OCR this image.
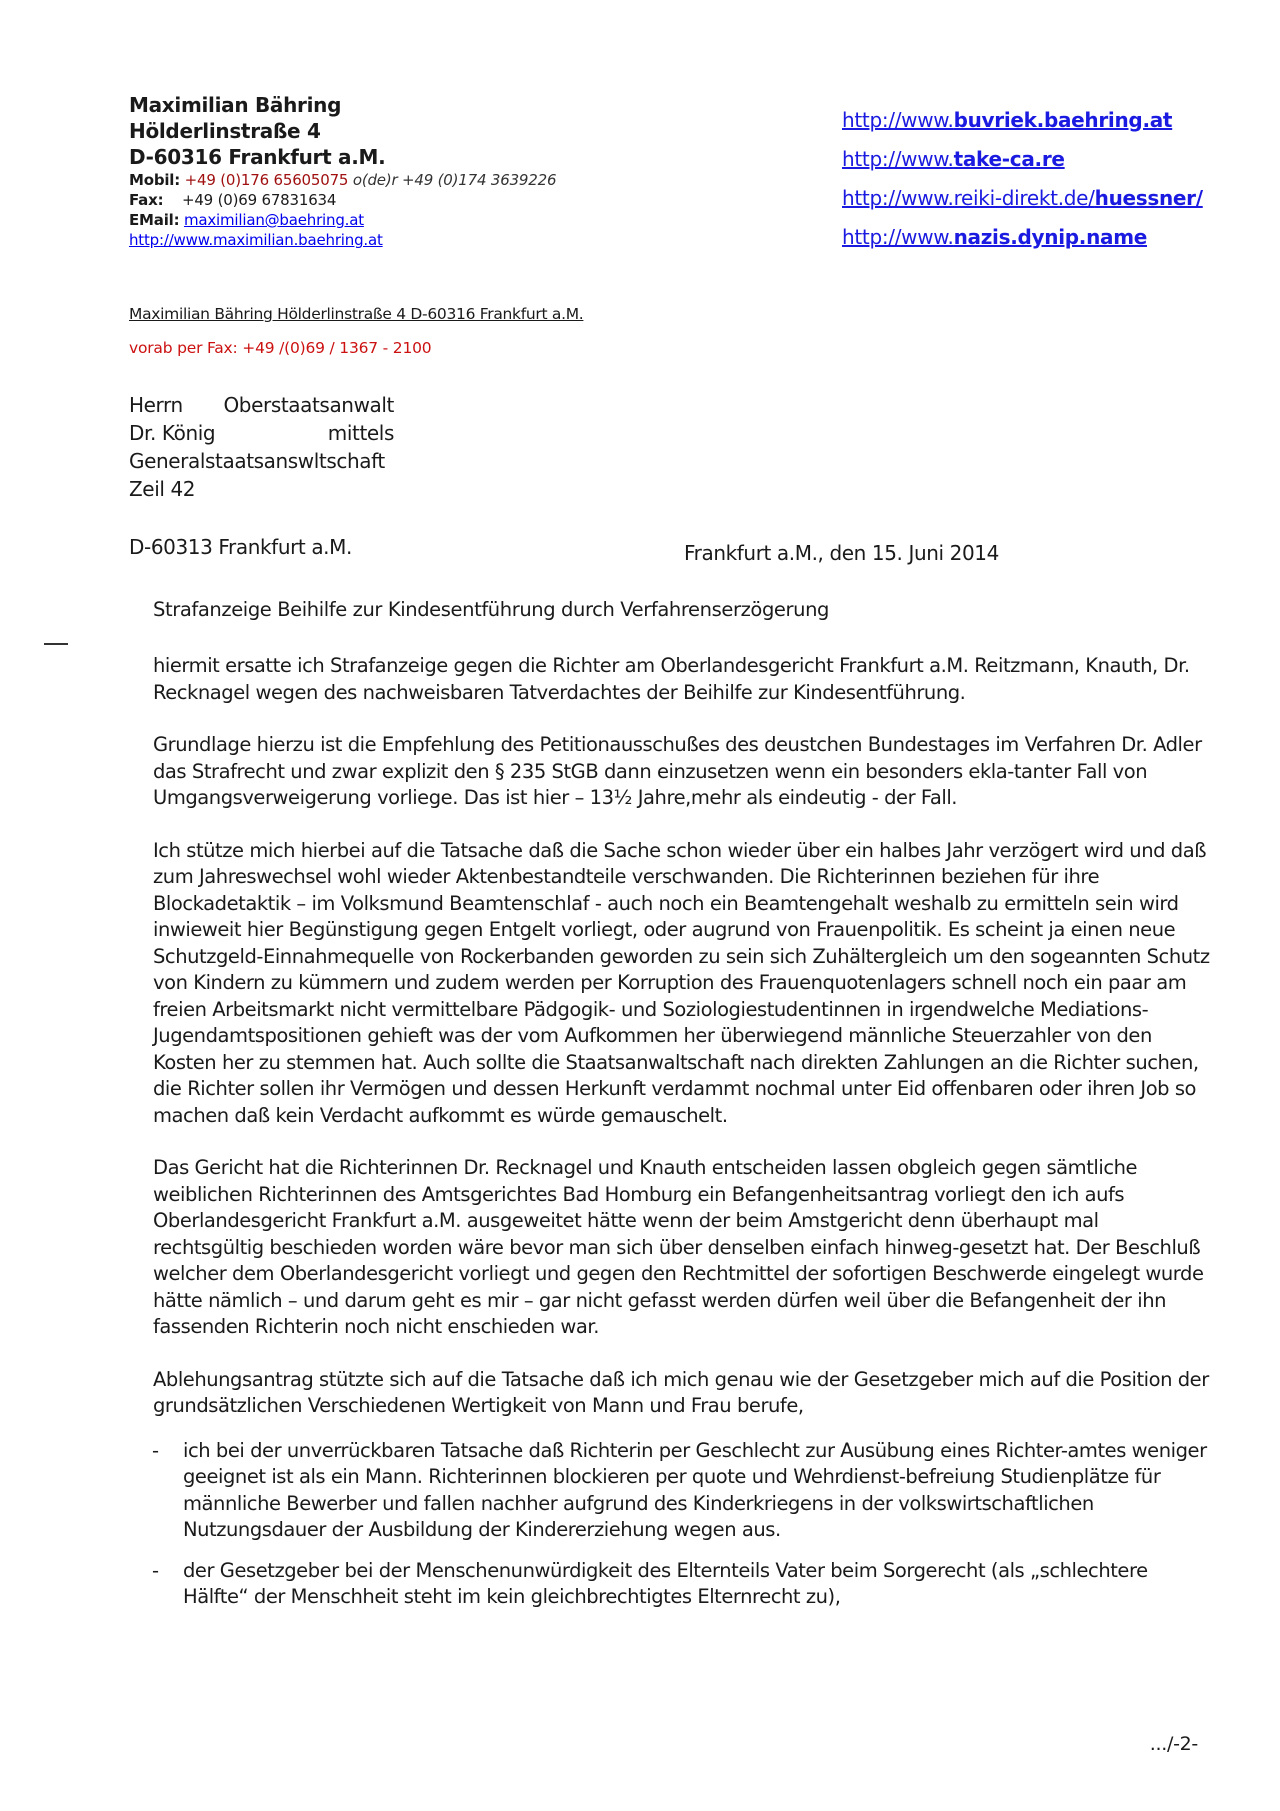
Maximilian Bähring
Hölderlinstraße 4
D-60316 Frankfurt a.M.
Mobil: +49 (0)176 65605075 o(de)r +49 (0)174 3639226
Fax: +49 (0)69 67831634
EMail: maximilian@baehring.at
http://www.maximilian.baehring.at
http://www.buvriek.baehring.at
http://www.take-ca.re
http://www.reiki-direkt.de/huessner/
http://www.nazis.dynip.name
Maximilian Bähring Hölderlinstraße 4 D-60316 Frankfurt a.M.
vorab per Fax: +49 /(0)69 / 1367 - 2100
Herrn Oberstaatsanwalt
Dr. König	mittels
Generalstaatsanswltschaft
Zeil 42
D-60313 Frankfurt a.M.	Frankfurt a.M., den 15. Juni 2014
Strafanzeige Beihilfe zur Kindesentführung durch Verfahrenserzögerung

hiermit ersatte ich Strafanzeige gegen die Richter am Oberlandesgericht Frankfurt a.M. Reitzmann, Knauth, Dr. Recknagel wegen des nachweisbaren Tatverdachtes der Beihilfe zur Kindesentführung.

Grundlage hierzu ist die Empfehlung des Petitionausschußes des deustchen Bundestages im Verfahren Dr. Adler das Strafrecht und zwar explizit den § 235 StGB dann einzusetzen wenn ein besonders ekla-tanter Fall von Umgangsverweigerung vorliege. Das ist hier – 13½ Jahre,mehr als eindeutig - der Fall.

Ich stütze mich hierbei auf die Tatsache daß die Sache schon wieder über ein halbes Jahr verzögert wird und daß zum Jahreswechsel wohl wieder Aktenbestandteile verschwanden. Die Richterinnen beziehen für ihre Blockadetaktik – im Volksmund Beamtenschlaf - auch noch ein Beamtengehalt weshalb zu ermitteln sein wird inwieweit hier Begünstigung gegen Entgelt vorliegt, oder augrund von Frauenpolitik. Es scheint ja einen neue Schutzgeld-Einnahmequelle von Rockerbanden geworden zu sein sich Zuhältergleich um den sogeannten Schutz von Kindern zu kümmern und zudem werden per Korruption des Frauenquotenlagers schnell noch ein paar am freien Arbeitsmarkt nicht vermittelbare Pädgogik- und Soziologiestudentinnen in irgendwelche Mediations-Jugendamtspositionen gehieft was der vom Aufkommen her überwiegend männliche Steuerzahler von den Kosten her zu stemmen hat. Auch sollte die Staatsanwaltschaft nach direkten Zahlungen an die Richter suchen, die Richter sollen ihr Vermögen und dessen Herkunft verdammt nochmal unter Eid offenbaren oder ihren Job so machen daß kein Verdacht aufkommt es würde gemauschelt.

Das Gericht hat die Richterinnen Dr. Recknagel und Knauth entscheiden lassen obgleich gegen sämtliche weiblichen Richterinnen des Amtsgerichtes Bad Homburg ein Befangenheitsantrag vorliegt den ich aufs Oberlandesgericht Frankfurt a.M. ausgeweitet hätte wenn der beim Amstgericht denn überhaupt mal rechtsgültig beschieden worden wäre bevor man sich über denselben einfach hinweg-gesetzt hat. Der Beschluß welcher dem Oberlandesgericht vorliegt und gegen den Rechtmittel der sofortigen Beschwerde eingelegt wurde hätte nämlich – und darum geht es mir – gar nicht gefasst werden dürfen weil über die Befangenheit der ihn fassenden Richterin noch nicht enschieden war.

Ablehungsantrag stützte sich auf die Tatsache daß ich mich genau wie der Gesetzgeber mich auf die Position der grundsätzlichen Verschiedenen Wertigkeit von Mann und Frau berufe,

-	ich bei der unverrückbaren Tatsache daß Richterin per Geschlecht zur Ausübung eines Richter-amtes weniger geeignet ist als ein Mann. Richterinnen blockieren per quote und Wehrdienst-befreiung Studienplätze für männliche Bewerber und fallen nachher aufgrund des Kinderkriegens in der volkswirtschaftlichen Nutzungsdauer der Ausbildung der Kindererziehung wegen aus.
-	der Gesetzgeber bei der Menschenunwürdigkeit des Elternteils Vater beim Sorgerecht (als „schlechtere Hälfte“ der Menschheit steht im kein gleichbrechtigtes Elternrecht zu),
.../-2-
